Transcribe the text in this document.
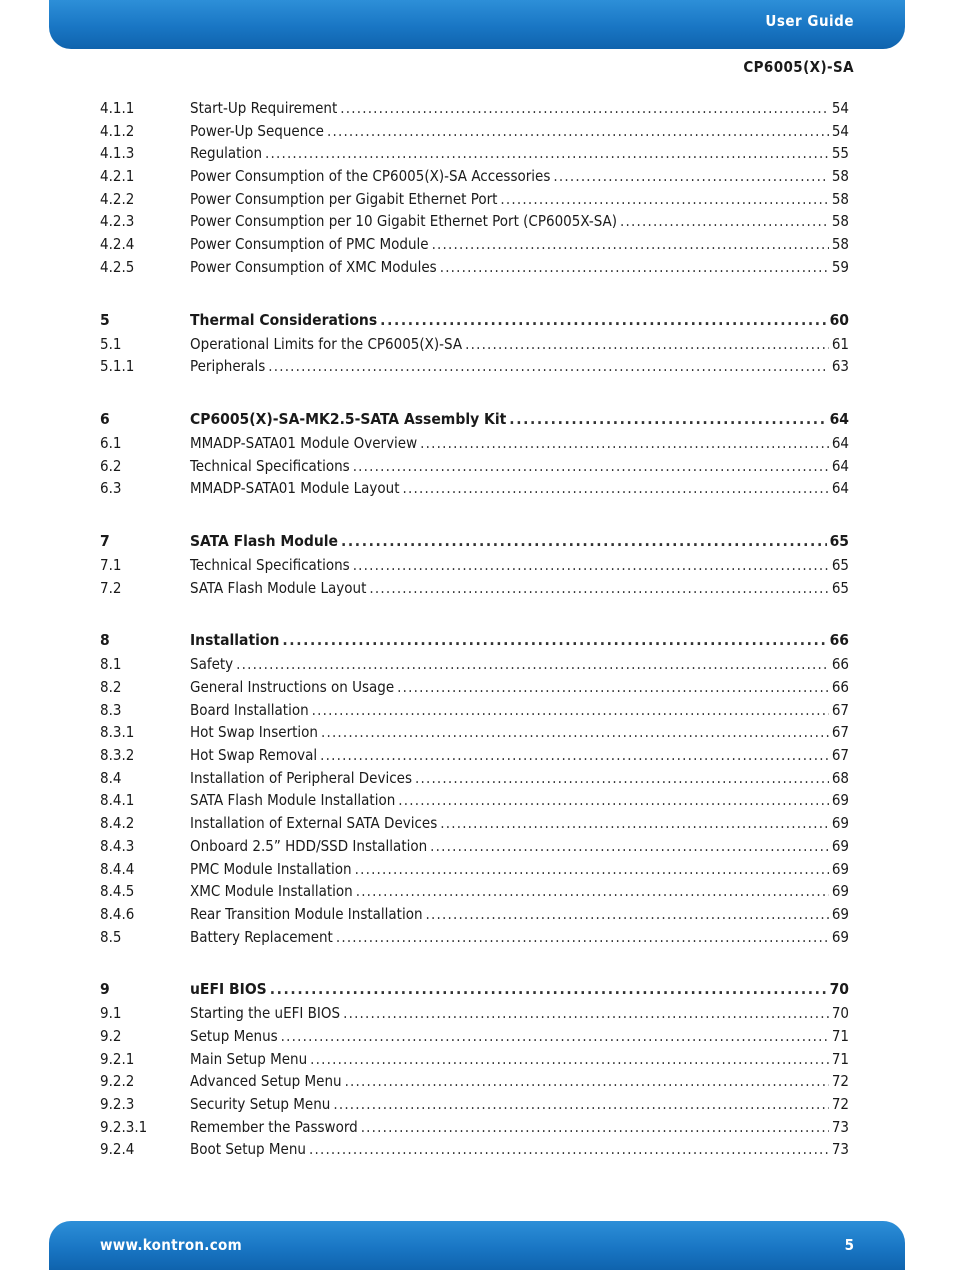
User Guide
CP6005(X)-SA
4.1.1	Start-Up Requirement .....	54
4.1.2	Power-Up Sequence .....	54
4.1.3	Regulation .....	55
4.2.1	Power Consumption of the CP6005(X)-SA Accessories .....	58
4.2.2	Power Consumption per Gigabit Ethernet Port .....	58
4.2.3	Power Consumption per 10 Gigabit Ethernet Port (CP6005X-SA) .....	58
4.2.4	Power Consumption of PMC Module .....	58
4.2.5	Power Consumption of XMC Modules .....	59
5	Thermal Considerations .....	60
5.1	Operational Limits for the CP6005(X)-SA .....	61
5.1.1	Peripherals .....	63
6	CP6005(X)-SA-MK2.5-SATA Assembly Kit .....	64
6.1	MMADP-SATA01 Module Overview .....	64
6.2	Technical Specifications .....	64
6.3	MMADP-SATA01 Module Layout .....	64
7	SATA Flash Module .....	65
7.1	Technical Specifications .....	65
7.2	SATA Flash Module Layout .....	65
8	Installation .....	66
8.1	Safety .....	66
8.2	General Instructions on Usage .....	66
8.3	Board Installation .....	67
8.3.1	Hot Swap Insertion .....	67
8.3.2	Hot Swap Removal .....	67
8.4	Installation of Peripheral Devices .....	68
8.4.1	SATA Flash Module Installation .....	69
8.4.2	Installation of External SATA Devices .....	69
8.4.3	Onboard 2.5” HDD/SSD Installation .....	69
8.4.4	PMC Module Installation .....	69
8.4.5	XMC Module Installation .....	69
8.4.6	Rear Transition Module Installation .....	69
8.5	Battery Replacement .....	69
9	uEFI BIOS .....	70
9.1	Starting the uEFI BIOS .....	70
9.2	Setup Menus .....	71
9.2.1	Main Setup Menu .....	71
9.2.2	Advanced Setup Menu .....	72
9.2.3	Security Setup Menu .....	72
9.2.3.1	Remember the Password .....	73
9.2.4	Boot Setup Menu .....	73
www.kontron.com	5
